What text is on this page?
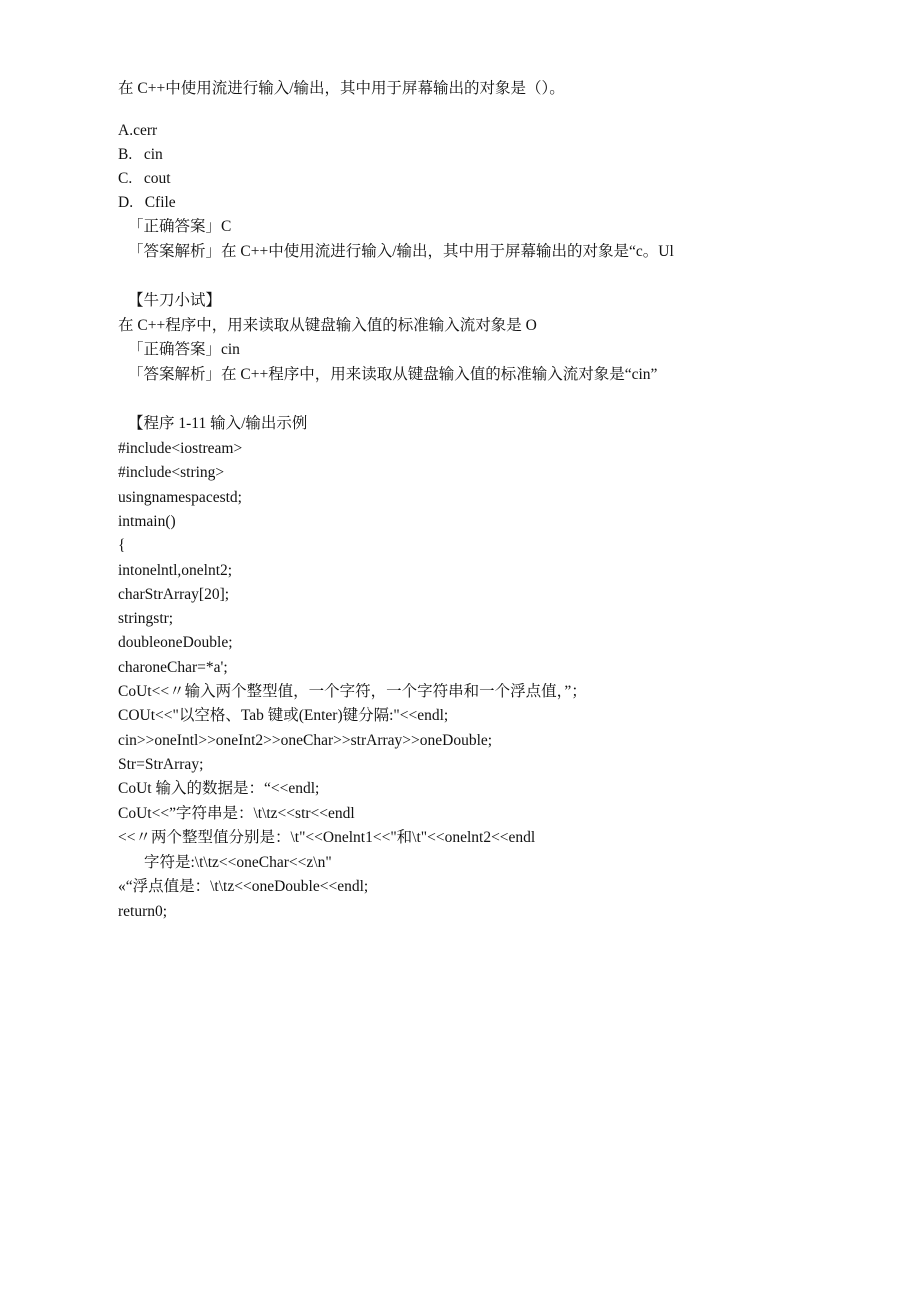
在 C++中使用流进行输入/输出，其中用于屏幕输出的对象是（）。
A.cerr
B.   cin
C.   cout
D.   Cfile
「正确答案」C
「答案解析」在 C++中使用流进行输入/输出，其中用于屏幕输出的对象是“c。Ul
【牛刀小试】
在 C++程序中，用来读取从键盘输入值的标准输入流对象是 O
「正确答案」cin
「答案解析」在 C++程序中，用来读取从键盘输入值的标准输入流对象是“cin”
【程序 1-11 输入/输出示例
#include<iostream>
#include<string>
usingnamespacestd;
intmain()
{
intonelntl,onelnt2;
charStrArray[20];
stringstr;
doubleoneDouble;
charoneChar=*a';
CoUt<<〃输入两个整型值，一个字符，一个字符串和一个浮点值，”；
COUt<<"以空格、Tab 键或(Enter)键分隔:"<<endl;
cin>>oneIntl>>oneInt2>>oneChar>>strArray>>oneDouble;
Str=StrArray;
CoUt 输入的数据是：“<<endl;
CoUt<<”字符串是：\t\tz<<str<<endl
<<〃两个整型值分别是：\t"<<Onelnt1<<"和\t"<<onelnt2<<endl
字符是:\t\tz<<oneChar<<z\n"
«“浮点值是：\t\tz<<oneDouble<<endl;
return0;
